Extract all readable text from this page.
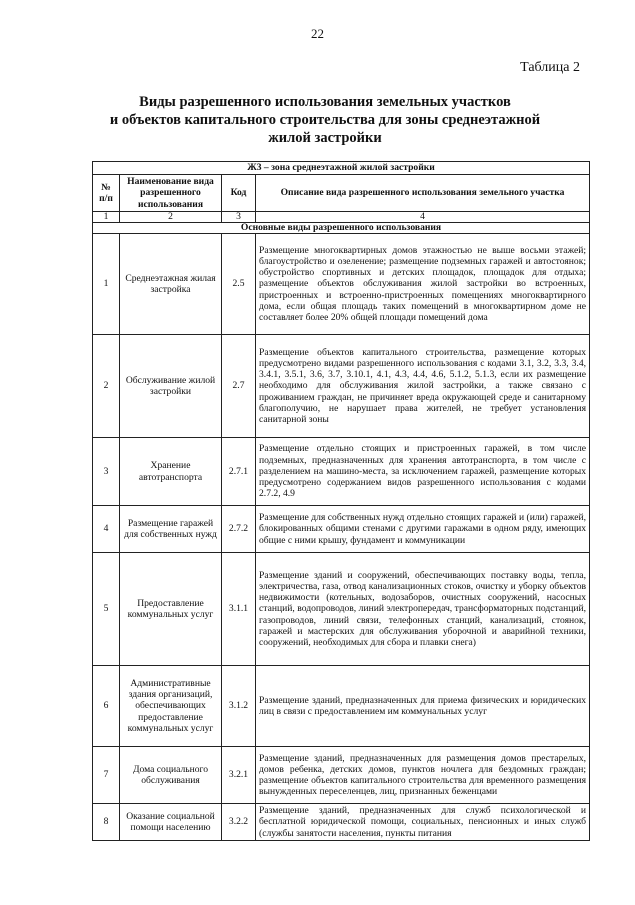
22
Таблица 2
Виды разрешенного использования земельных участков
и объектов капитального строительства для зоны среднеэтажной
жилой застройки
Ж3 – зона среднеэтажной жилой застройки			
№ п/п	Наименование вида разрешенного использования	Код	Описание вида разрешенного использования земельного участка
1	2	3	4
Основные виды разрешенного использования			
1	Среднеэтажная жилая застройка	2.5	Размещение многоквартирных домов этажностью не выше восьми этажей; благоустройство и озеленение; размещение подземных гаражей и автостоянок; обустройство спортивных и детских площадок, площадок для отдыха; размещение объектов обслуживания жилой застройки во встроенных, пристроенных и встроенно-пристроенных помещениях многоквартирного дома, если общая площадь таких помещений в многоквартирном доме не составляет более 20% общей площади помещений дома
2	Обслуживание жилой застройки	2.7	Размещение объектов капитального строительства, размещение которых предусмотрено видами разрешенного использования с кодами 3.1, 3.2, 3.3, 3.4, 3.4.1, 3.5.1, 3.6, 3.7, 3.10.1, 4.1, 4.3, 4.4, 4.6, 5.1.2, 5.1.3, если их размещение необходимо для обслуживания жилой застройки, а также связано с проживанием граждан, не причиняет вреда окружающей среде и санитарному благополучию, не нарушает права жителей, не требует установления санитарной зоны
3	Хранение автотранспорта	2.7.1	Размещение отдельно стоящих и пристроенных гаражей, в том числе подземных, предназначенных для хранения автотранспорта, в том числе с разделением на машино-места, за исключением гаражей, размещение которых предусмотрено содержанием видов разрешенного использования с кодами 2.7.2, 4.9
4	Размещение гаражей для собственных нужд	2.7.2	Размещение для собственных нужд отдельно стоящих гаражей и (или) гаражей, блокированных общими стенами с другими гаражами в одном ряду, имеющих общие с ними крышу, фундамент и коммуникации
5	Предоставление коммунальных услуг	3.1.1	Размещение зданий и сооружений, обеспечивающих поставку воды, тепла, электричества, газа, отвод канализационных стоков, очистку и уборку объектов недвижимости (котельных, водозаборов, очистных сооружений, насосных станций, водопроводов, линий электропередач, трансформаторных подстанций, газопроводов, линий связи, телефонных станций, канализаций, стоянок, гаражей и мастерских для обслуживания уборочной и аварийной техники, сооружений, необходимых для сбора и плавки снега)
6	Административные здания организаций, обеспечивающих предоставление коммунальных услуг	3.1.2	Размещение зданий, предназначенных для приема физических и юридических лиц в связи с предоставлением им коммунальных услуг
7	Дома социального обслуживания	3.2.1	Размещение зданий, предназначенных для размещения домов престарелых, домов ребенка, детских домов, пунктов ночлега для бездомных граждан; размещение объектов капитального строительства для временного размещения вынужденных переселенцев, лиц, признанных беженцами
8	Оказание социальной помощи населению	3.2.2	Размещение зданий, предназначенных для служб психологической и бесплатной юридической помощи, социальных, пенсионных и иных служб (службы занятости населения, пункты питания
